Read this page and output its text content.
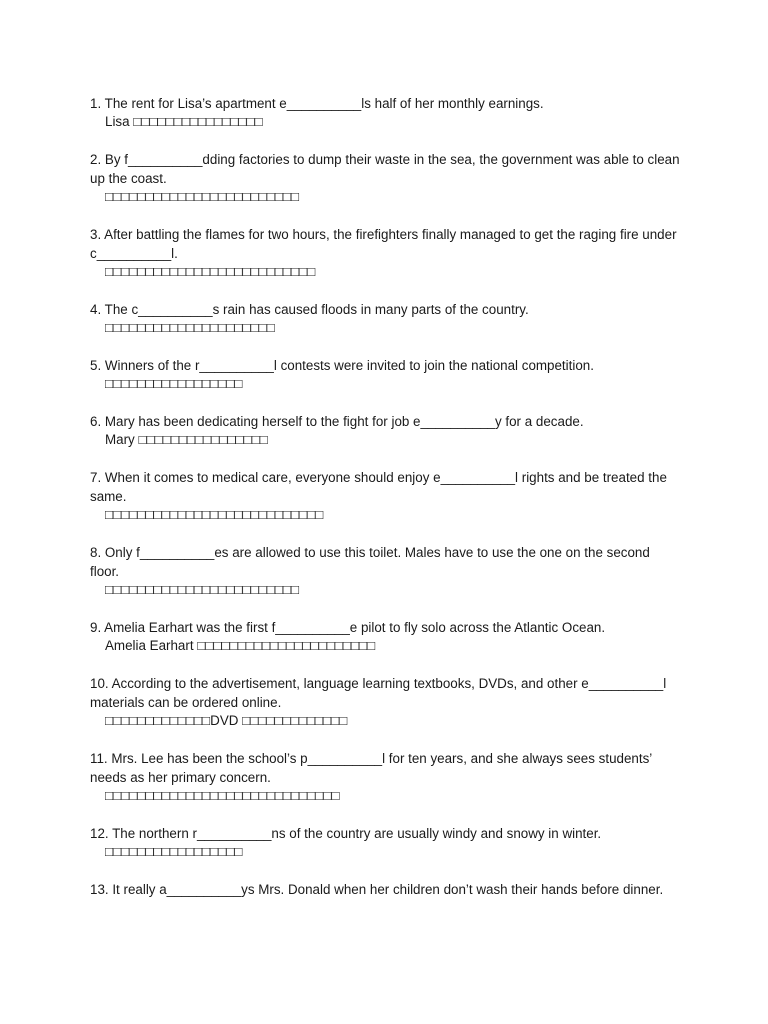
1. The rent for Lisa’s apartment e__________ls half of her monthly earnings.

Lisa □□□□□□□□□□□□□□□□

2. By f__________dding factories to dump their waste in the sea, the government was able to clean up the coast.

□□□□□□□□□□□□□□□□□□□□□□□□

3. After battling the flames for two hours, the firefighters finally managed to get the raging fire under c__________l.

□□□□□□□□□□□□□□□□□□□□□□□□□□

4. The c__________s rain has caused floods in many parts of the country.

□□□□□□□□□□□□□□□□□□□□□

5. Winners of the r__________l contests were invited to join the national competition.

□□□□□□□□□□□□□□□□□

6. Mary has been dedicating herself to the fight for job e__________y for a decade.

Mary □□□□□□□□□□□□□□□□

7. When it comes to medical care, everyone should enjoy e__________l rights and be treated the same.

□□□□□□□□□□□□□□□□□□□□□□□□□□□

8. Only f__________es are allowed to use this toilet. Males have to use the one on the second floor.

□□□□□□□□□□□□□□□□□□□□□□□□

9. Amelia Earhart was the first f__________e pilot to fly solo across the Atlantic Ocean.

Amelia Earhart □□□□□□□□□□□□□□□□□□□□□□

10. According to the advertisement, language learning textbooks, DVDs, and other e__________l materials can be ordered online.

□□□□□□□□□□□□□DVD □□□□□□□□□□□□□

11. Mrs. Lee has been the school’s p__________l for ten years, and she always sees students’ needs as her primary concern.

□□□□□□□□□□□□□□□□□□□□□□□□□□□□□

12. The northern r__________ns of the country are usually windy and snowy in winter.

□□□□□□□□□□□□□□□□□

13. It really a__________ys Mrs. Donald when her children don’t wash their hands before dinner.
